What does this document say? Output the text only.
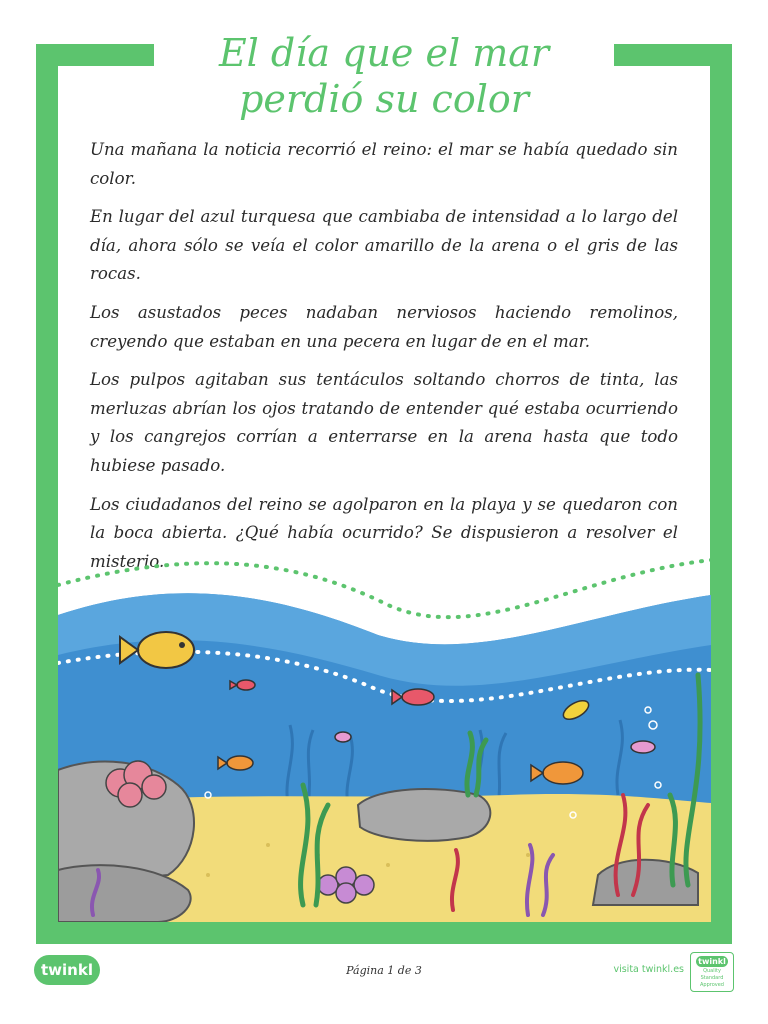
El día que el mar
perdió su color

Una mañana la noticia recorrió el reino: el mar se había quedado sin color.

En lugar del azul turquesa que cambiaba de intensidad a lo largo del día, ahora sólo se veía el color amarillo de la arena o el gris de las rocas.

Los asustados peces nadaban nerviosos haciendo remolinos, creyendo que estaban en una pecera en lugar de en el mar.

Los pulpos agitaban sus tentáculos soltando chorros de tinta, las merluzas abrían los ojos tratando de entender qué estaba ocurriendo y los cangrejos corrían a enterrarse en la arena hasta que todo hubiese pasado.

Los ciudadanos del reino se agolparon en la playa y se quedaron con la boca abierta. ¿Qué había ocurrido? Se dispusieron a resolver el misterio.

twinkl	Página 1 de 3	visita twinkl.es
twinkl
Quality Standard Approved
